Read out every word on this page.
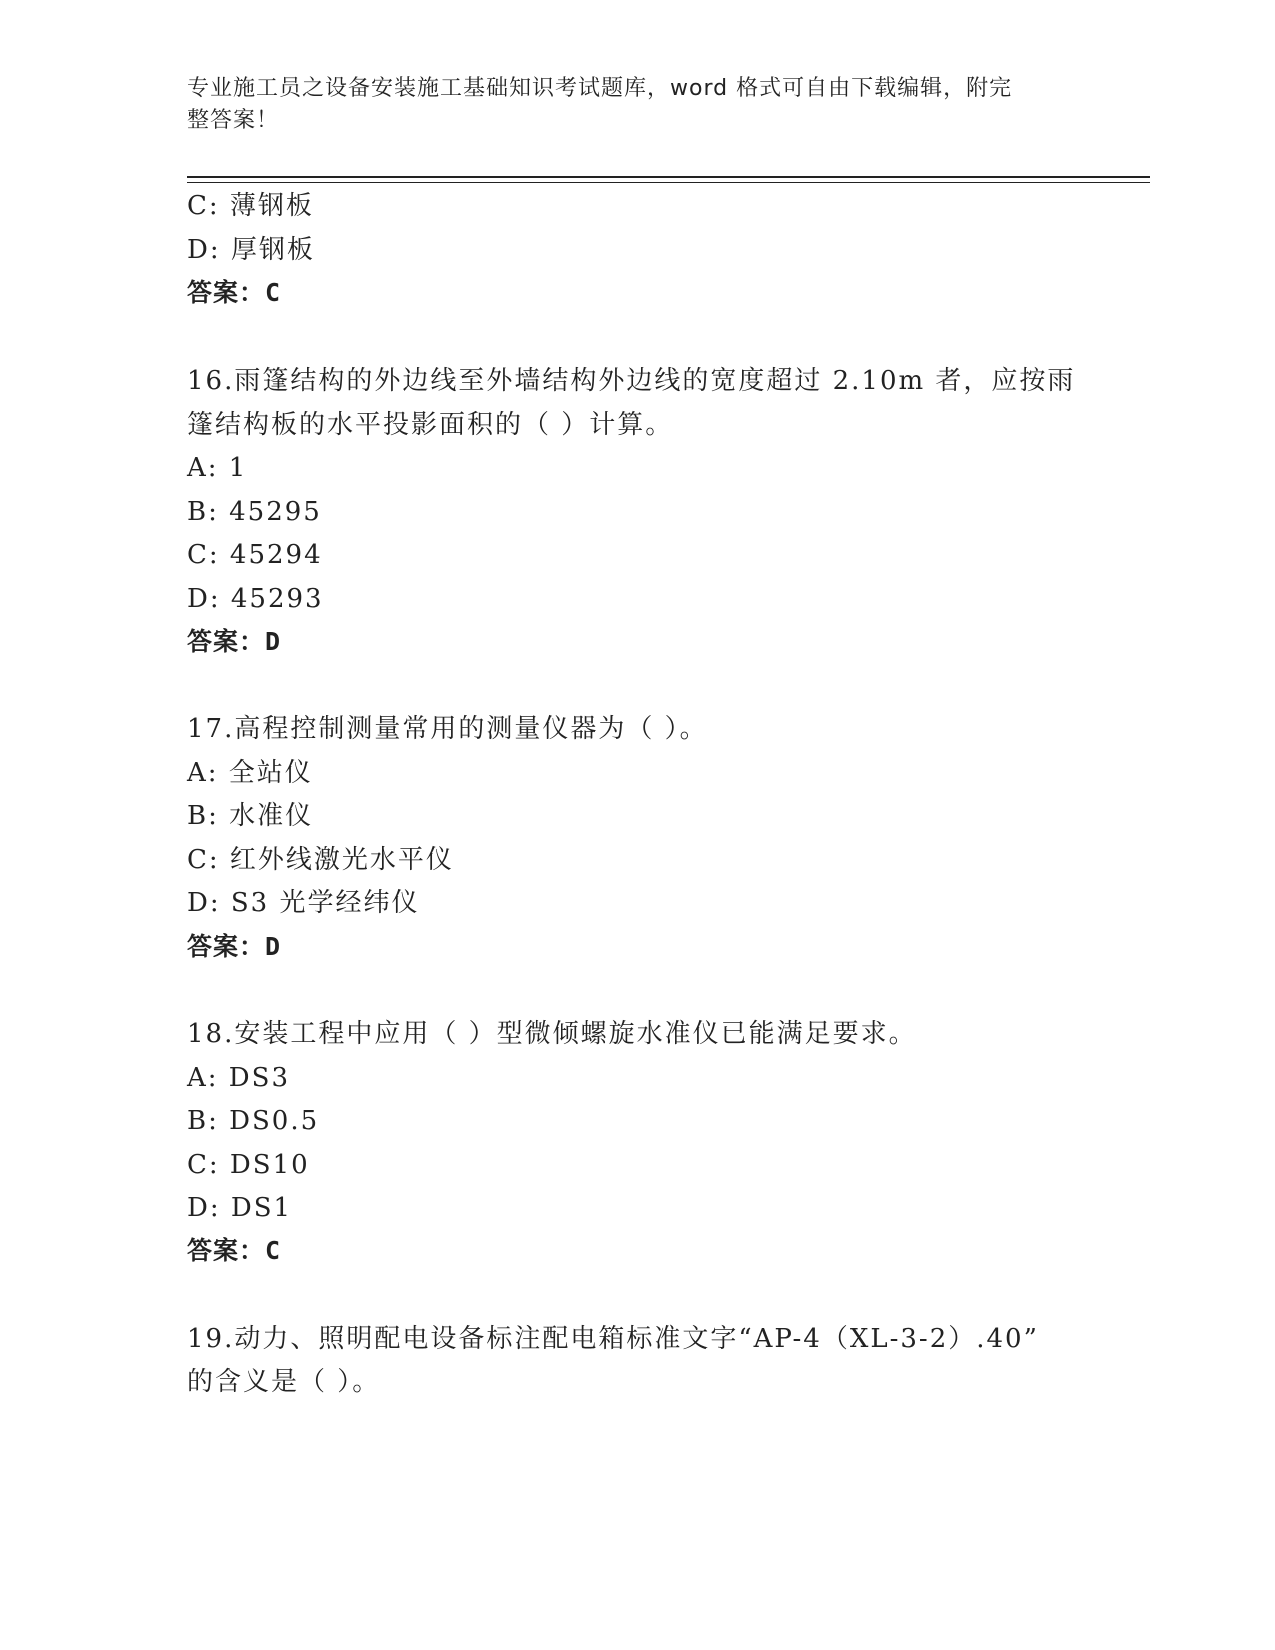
专业施工员之设备安装施工基础知识考试题库，word 格式可自由下载编辑，附完
整答案！
C: 薄钢板
D: 厚钢板
答案：C
16.雨篷结构的外边线至外墙结构外边线的宽度超过 2.10m 者，应按雨
篷结构板的水平投影面积的（ ）计算。
A: 1
B: 45295
C: 45294
D: 45293
答案：D
17.高程控制测量常用的测量仪器为（ ）。
A: 全站仪
B: 水准仪
C: 红外线激光水平仪
D: S3 光学经纬仪
答案：D
18.安装工程中应用（ ）型微倾螺旋水准仪已能满足要求。
A: DS3
B: DS0.5
C: DS10
D: DS1
答案：C
19.动力、照明配电设备标注配电箱标准文字“AP-4（XL-3-2）.40”
的含义是（ ）。
